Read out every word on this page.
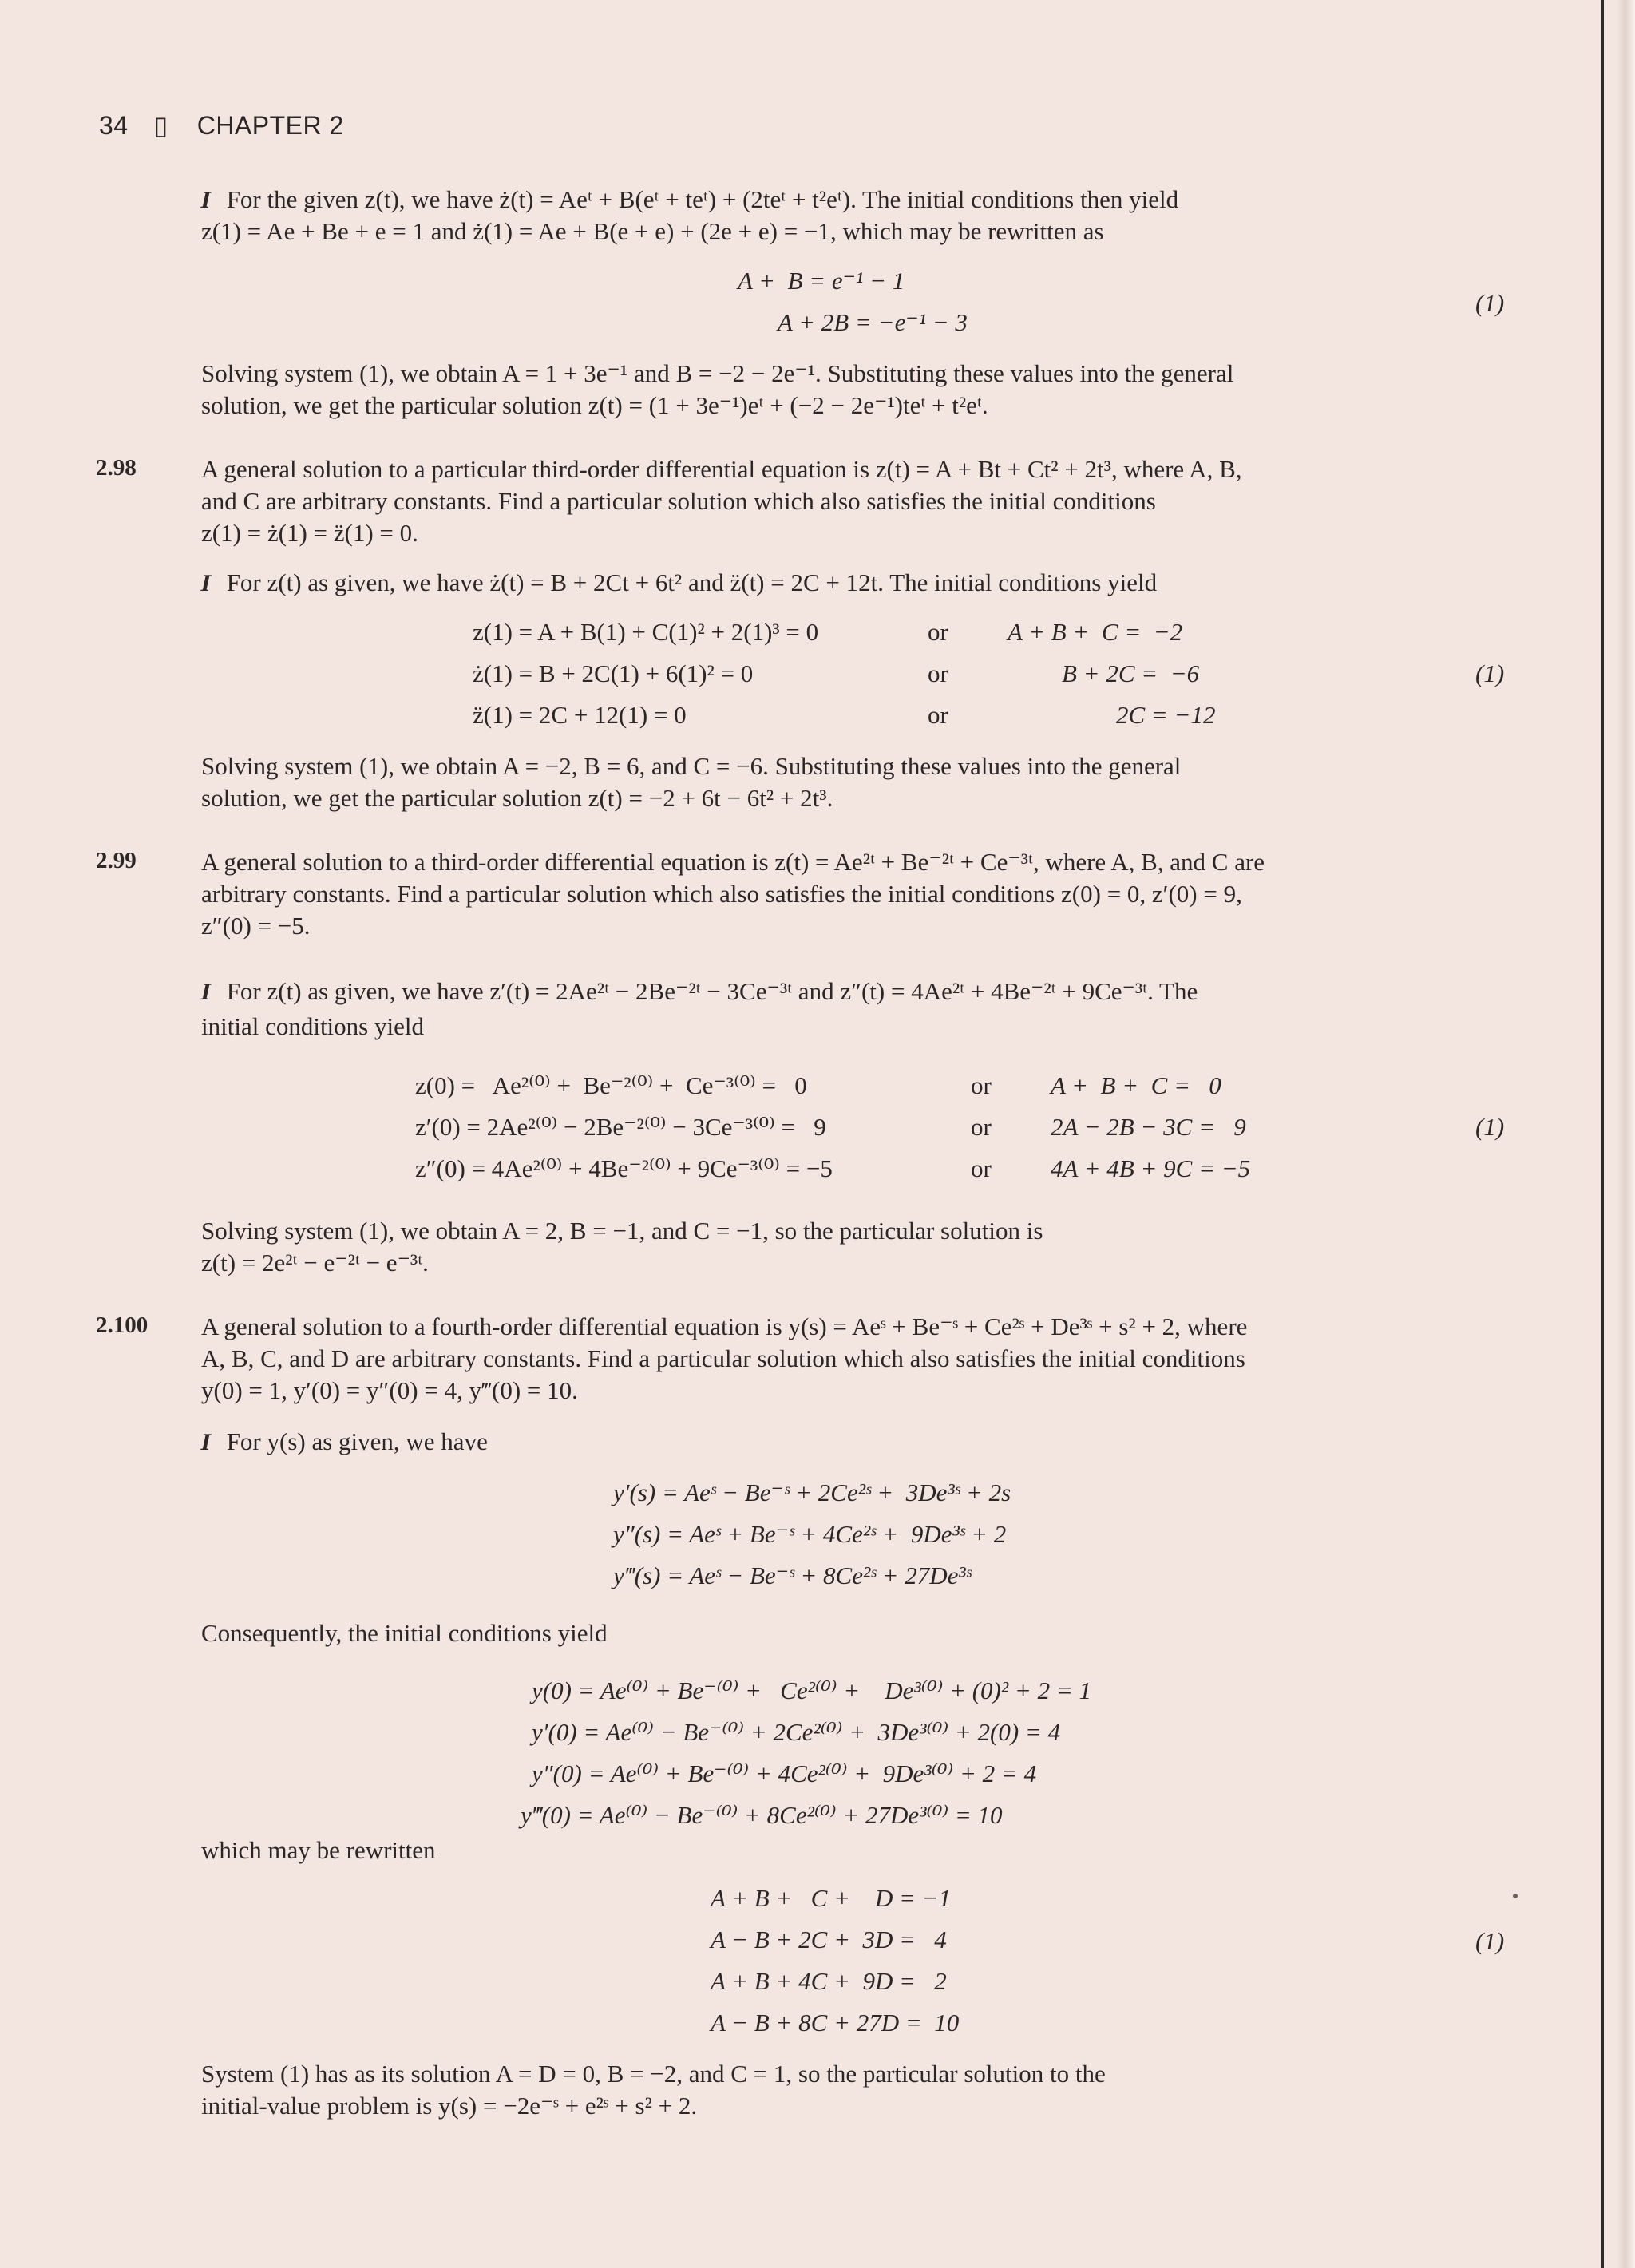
34 ▯ CHAPTER 2
I For the given z(t), we have ż(t) = Aeᵗ + B(eᵗ + teᵗ) + (2teᵗ + t²eᵗ). The initial conditions then yield
z(1) = Ae + Be + e = 1 and ż(1) = Ae + B(e + e) + (2e + e) = −1, which may be rewritten as
A +  B = e⁻¹ − 1
A + 2B = −e⁻¹ − 3
(1)
Solving system (1), we obtain A = 1 + 3e⁻¹ and B = −2 − 2e⁻¹. Substituting these values into the general
solution, we get the particular solution z(t) = (1 + 3e⁻¹)eᵗ + (−2 − 2e⁻¹)teᵗ + t²eᵗ.
2.98	A general solution to a particular third-order differential equation is z(t) = A + Bt + Ct² + 2t³, where A, B,
and C are arbitrary constants. Find a particular solution which also satisfies the initial conditions
z(1) = ż(1) = z̈(1) = 0.
I For z(t) as given, we have ż(t) = B + 2Ct + 6t² and z̈(t) = 2C + 12t. The initial conditions yield
z(1) = A + B(1) + C(1)² + 2(1)³ = 0	or A + B +  C =  −2
ż(1) = B + 2C(1) + 6(1)² = 0	or	B + 2C =  −6
z̈(1) = 2C + 12(1) = 0	or	2C = −12
(1)
Solving system (1), we obtain A = −2, B = 6, and C = −6. Substituting these values into the general
solution, we get the particular solution z(t) = −2 + 6t − 6t² + 2t³.
2.99	A general solution to a third-order differential equation is z(t) = Ae²ᵗ + Be⁻²ᵗ + Ce⁻³ᵗ, where A, B, and C are
arbitrary constants. Find a particular solution which also satisfies the initial conditions z(0) = 0, z′(0) = 9,
z″(0) = −5.
I For z(t) as given, we have z′(t) = 2Ae²ᵗ − 2Be⁻²ᵗ − 3Ce⁻³ᵗ and z″(t) = 4Ae²ᵗ + 4Be⁻²ᵗ + 9Ce⁻³ᵗ. The
initial conditions yield
z(0) =   Ae²⁽⁰⁾ +  Be⁻²⁽⁰⁾ +  Ce⁻³⁽⁰⁾ =   0	or A +  B +  C =   0
z′(0) = 2Ae²⁽⁰⁾ − 2Be⁻²⁽⁰⁾ − 3Ce⁻³⁽⁰⁾ =   9	or 2A − 2B − 3C =   9
z″(0) = 4Ae²⁽⁰⁾ + 4Be⁻²⁽⁰⁾ + 9Ce⁻³⁽⁰⁾ = −5	or 4A + 4B + 9C = −5
(1)
Solving system (1), we obtain A = 2, B = −1, and C = −1, so the particular solution is
z(t) = 2e²ᵗ − e⁻²ᵗ − e⁻³ᵗ.
2.100 A general solution to a fourth-order differential equation is y(s) = Aeˢ + Be⁻ˢ + Ce²ˢ + De³ˢ + s² + 2, where
A, B, C, and D are arbitrary constants. Find a particular solution which also satisfies the initial conditions
y(0) = 1, y′(0) = y″(0) = 4, y‴(0) = 10.
I For y(s) as given, we have
y′(s) = Aeˢ − Be⁻ˢ + 2Ce²ˢ +  3De³ˢ + 2s
y″(s) = Aeˢ + Be⁻ˢ + 4Ce²ˢ +  9De³ˢ + 2
y‴(s) = Aeˢ − Be⁻ˢ + 8Ce²ˢ + 27De³ˢ
Consequently, the initial conditions yield
y(0) = Ae⁽⁰⁾ + Be⁻⁽⁰⁾ +   Ce²⁽⁰⁾ +    De³⁽⁰⁾ + (0)² + 2 = 1
y′(0) = Ae⁽⁰⁾ − Be⁻⁽⁰⁾ + 2Ce²⁽⁰⁾ +  3De³⁽⁰⁾ + 2(0) = 4
y″(0) = Ae⁽⁰⁾ + Be⁻⁽⁰⁾ + 4Ce²⁽⁰⁾ +  9De³⁽⁰⁾ + 2 = 4
y‴(0) = Ae⁽⁰⁾ − Be⁻⁽⁰⁾ + 8Ce²⁽⁰⁾ + 27De³⁽⁰⁾ = 10
which may be rewritten
A + B +   C +    D = −1
A − B + 2C +  3D =   4
A + B + 4C +  9D =   2
A − B + 8C + 27D =  10
(1)
System (1) has as its solution A = D = 0, B = −2, and C = 1, so the particular solution to the
initial-value problem is y(s) = −2e⁻ˢ + e²ˢ + s² + 2.
